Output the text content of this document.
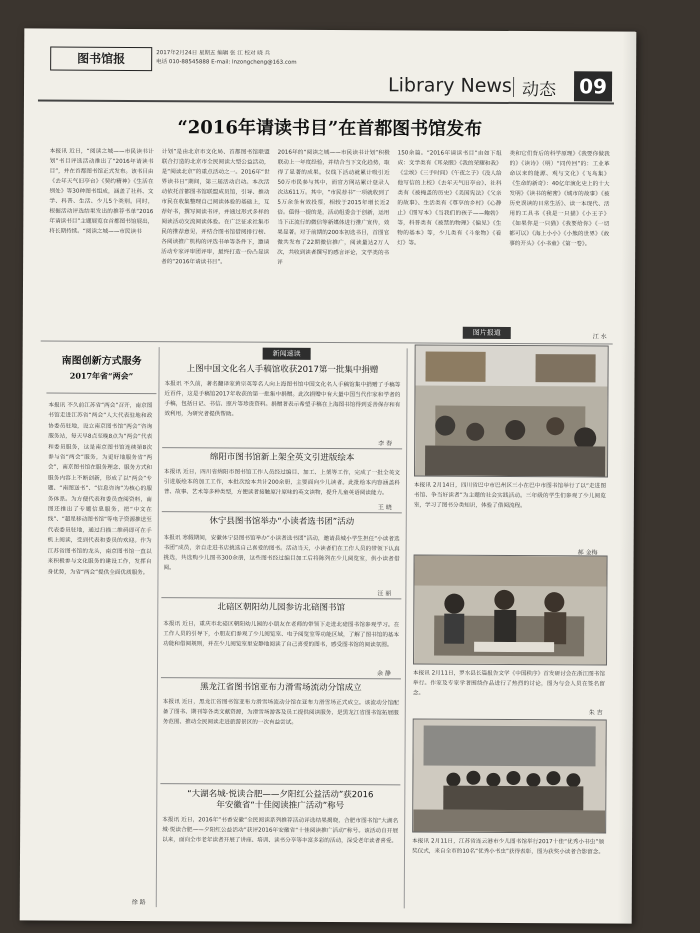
图书馆报	2017年2月24日 星期五 编辑 张 江 校对 晓 兵
电话 010-88545888 E-mail: lnzongcheng@163.com
Library News 动态 09
“2016年请读书目”在首都图书馆发布
本报讯 近日，“阅读之城——市民读书计划”书目评选活动推出了“2016年请读书目”，并在首都图书馆正式发布。该书目由《去年天气旧亭台》《契约精神》《生活在别处》等30种图书组成，涵盖了社科、文学、科普、生活、少儿5个类别。同时，根据活动评选结果发出的推荐书单“2016年请读书目”主题展览在首都图书馆展出，将长期持续。“阅读之城——市民读书
计划”是由北京市文化局、首都图书馆联盟联合打造的北京市全民阅读大型公益活动，是“阅读北京”的重点活动之一。2016年“世界读书日”期间，第三届活动启动。本次活动依托首都图书馆联盟成员馆，引导、推动市民在收集整理自己阅读体验的基础上，互荐好书，撰写阅读书评，并通过形式多样的阅读活动交流阅读体验。在广泛征求社集市民的推荐意见，并结合图书馆借阅排行榜、各阅读推广机构的评选书单等条件下，邀请活动专家评审团评审，最终打造一份凸显读者的“2016年请读书目”。
2016年的“阅读之城——市民读书计划”积极联动上一年度经验，并结合当下文化趋势，取得了显著的成果。仅线下活动就累计吸引近50万市民参与其中，而官方网站累计登录人次达611万。其中，“市民荐书”一项就收到了5万余条有效投票，相较于2015年增长近2倍。值得一提的是，活动组委会于创新，运用当下正流行的微信等新媒体进行推广宣传，效果显著。对于前期的200本初选书目，首图官微共发布了22期微信推广，阅读量达2万人次，共收到读者撰写的感言评论，文学类的书评
150余篇。“2016年请读书目”由如下组成：文学类有《耳朵眼》《我的荣耀和我》《尘埃》《三手时间》《午夜之子》《没人给他写信的上校》《去年天气旧亭台》、社科类有《被掩盖的历史》《美国宪法》《父亲的故事》、生活类有《尊享的乡村》《心静止》《图写本》《当我们的孩子——鲍勃》等，科普类有《被禁的物理》《偏见》《生物的基本》等，少儿类有《斗象物》《看灯》等。
类和它们背后的科学原理》《我要你做我的》《读诗》（明）“同传回”的：工业革命以来的能源、观与文化》《飞鸟集》《生命的新奇》：40亿年演化史上的十大发明》《读书的秘密》《城市的故事》《被历史误读的日常生活》、读一本现代、活用的工具书《我是一只猫》《小王子》《如果你是一只猫》《我要给你》《一切都可以》《海上小小》《小熊的世界》《故事的开头》《小书童》《第一卷》。
江 水
南图创新方式服务
2017年省“两会”
本报讯 不久前江苏省“两会”召开，南京图书馆走进江苏省“两会”人大代表驻地和政协委员驻地，设立南京图书馆“两会”咨询服务站，每天早8点至晚8点为“两会”代表和委员服务，这是南京图书馆连续第8次参与省“两会”服务，为更好地服务省“两会”，南京图书馆在服务理念、服务方式和服务内容上不断创新，形成了以“两会”专题、“南图送书”、“信息咨询”为核心的服务体系。为方便代表和委员查阅资料，南图还推出了专题信息服务，把“中文在线”、“超星移动图书馆”等电子资源推送至代表委员驻地，通过扫描二维码即可在手机上阅读，受到代表和委员的欢迎。作为江苏省图书馆的龙头，南京图书馆一直以来积极参与文化服务的建设工作，发挥自身优势，为省“两会”提供全面优质服务。
徐 路
新闻速读
图片报道
上图中国文化名人手稿馆收获2017第一批集中捐赠
本报讯 不久前，著名翻译家黄宗英等名人向上海图书馆中国文化名人手稿馆集中捐赠了手稿等近百件，这是手稿馆2017年收获的第一批集中捐赠。此次捐赠中有大量中国当代作家和学者的手稿，包括日记、书信、照片等珍贵资料。捐赠者表示希望手稿在上海图书馆得到妥善保存和有效利用，为研究者提供帮助。
李 春
绵阳市图书馆新上架全英文引进版绘本
本报讯 近日，四川省绵阳市图书馆工作人员经过编目、加工、上架等工作，完成了一批全英文引进版绘本的加工工作，本批次绘本共计200余册，主要面向少儿读者。此批绘本内容涵盖科普、故事、艺术等多种类型，方便读者接触原汁原味的英文读物，提升儿童英语阅读能力。
王 晓
休宁县图书馆举办“小读者选书团”活动
本报讯 寒假期间，安徽休宁县图书馆举办“小读者选书团”活动，邀请县城小学生担任“小读者选书团”成员，亲自走进书店挑选自己喜爱的图书。活动当天，小读者们在工作人员的带领下认真挑选，共选购少儿图书300余册，这些图书经过编目加工后将陈列在少儿阅览室，供小读者借阅。
汪 丽
北碚区朝阳幼儿园参访北碚图书馆
本报讯 近日，重庆市北碚区朝阳幼儿园的小朋友在老师的带领下走进北碚图书馆参观学习。在工作人员的引导下，小朋友们参观了少儿阅览室、电子阅览室等功能区域，了解了图书馆的基本功能和借阅规则，并在少儿阅览室里安静地阅读了自己喜爱的图书，感受图书馆的阅读氛围。
余 静
黑龙江省图书馆亚布力滑雪场流动分馆成立
本报讯 近日，黑龙江省图书馆亚布力滑雪场流动分馆在亚布力滑雪场正式成立。该流动分馆配备了图书、期刊等各类文献资源，为滑雪场游客及员工提供阅读服务，是黑龙江省图书馆拓展服务范围、推动全民阅读走进旅游景区的一次有益尝试。
“大湖名城·悦读合肥——夕阳红公益活动”获2016
年安徽省“十佳阅读推广活动”称号
本报讯 近日，2016年“书香安徽”全民阅读系列推荐活动评选结果揭晓，合肥市图书馆“大湖名城·悦读合肥——夕阳红公益活动”获评2016年安徽省“十佳阅读推广活动”称号。该活动自开展以来，面向全市老年读者开展了讲座、培训、读书分享等丰富多彩的活动，深受老年读者喜爱。
本报讯 2月14日，四川省巴中市巴州区三小在巴中市图书馆举行了以“走进图书馆、争当好读者”为主题的社会实践活动。三年级的学生们参观了少儿阅览室，学习了图书分类知识，体验了借阅流程。
郝 金梅
本报讯 2月11日，罗水县长篇报告文学《中国秩序》首发研讨会在浙江图书馆举行。作家及专家学者围绕作品进行了热烈的讨论，图为与会人员在签名留念。
朱 吉
本报讯 2月11日，江苏省连云港市少儿图书馆举行2017十佳“优秀小书虫”颁奖仪式，来自全市的10名“优秀小书虫”获得表彰，图为获奖小读者合影留念。
